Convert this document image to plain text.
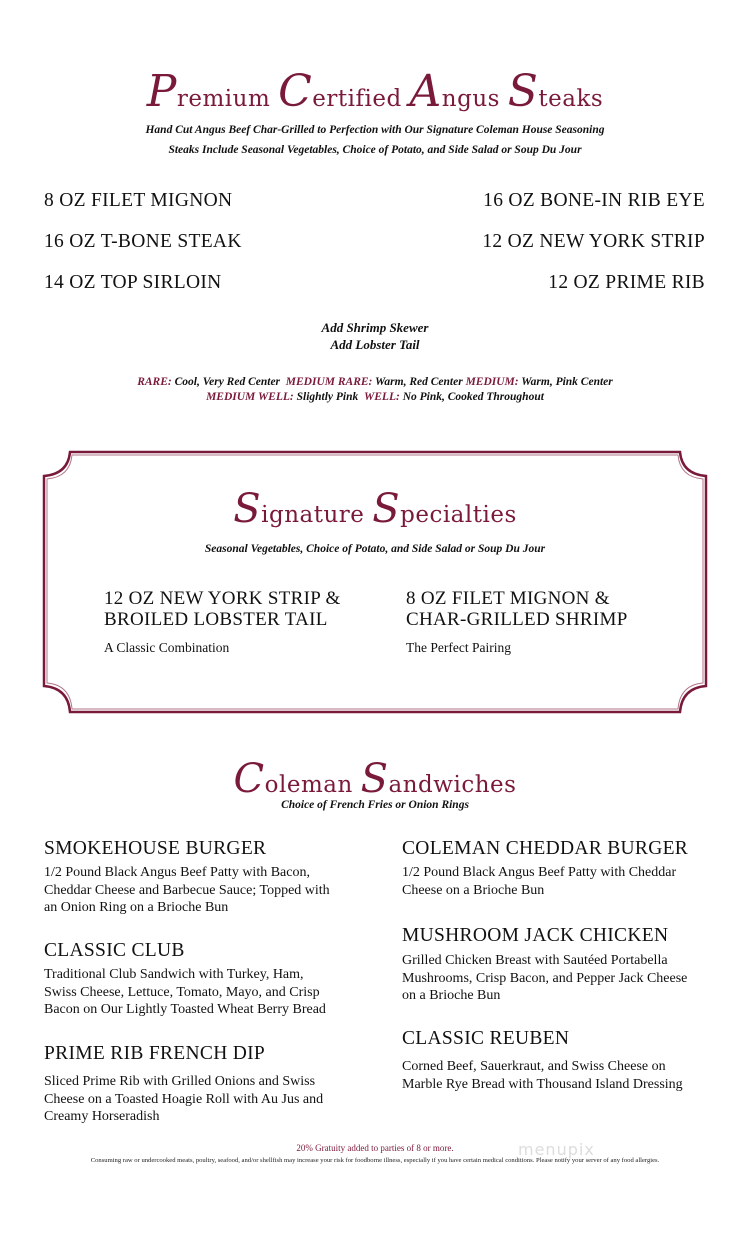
Premium Certified Angus Steaks
Hand Cut Angus Beef Char-Grilled to Perfection with Our Signature Coleman House Seasoning
Steaks Include Seasonal Vegetables, Choice of Potato, and Side Salad or Soup Du Jour
8 OZ FILET MIGNON
16 OZ T-BONE STEAK
14 OZ TOP SIRLOIN
16 OZ BONE-IN RIB EYE
12 OZ NEW YORK STRIP
12 OZ PRIME RIB
Add Shrimp Skewer
Add Lobster Tail
RARE: Cool, Very Red Center MEDIUM RARE: Warm, Red Center MEDIUM: Warm, Pink Center
MEDIUM WELL: Slightly Pink WELL: No Pink, Cooked Throughout
Signature Specialties
Seasonal Vegetables, Choice of Potato, and Side Salad or Soup Du Jour
12 OZ NEW YORK STRIP &
BROILED LOBSTER TAIL
A Classic Combination
8 OZ FILET MIGNON &
CHAR-GRILLED SHRIMP
The Perfect Pairing
Coleman Sandwiches
Choice of French Fries or Onion Rings
SMOKEHOUSE BURGER
1/2 Pound Black Angus Beef Patty with Bacon,
Cheddar Cheese and Barbecue Sauce; Topped with
an Onion Ring on a Brioche Bun
CLASSIC CLUB
Traditional Club Sandwich with Turkey, Ham,
Swiss Cheese, Lettuce, Tomato, Mayo, and Crisp
Bacon on Our Lightly Toasted Wheat Berry Bread
PRIME RIB FRENCH DIP
Sliced Prime Rib with Grilled Onions and Swiss
Cheese on a Toasted Hoagie Roll with Au Jus and
Creamy Horseradish
COLEMAN CHEDDAR BURGER
1/2 Pound Black Angus Beef Patty with Cheddar
Cheese on a Brioche Bun
MUSHROOM JACK CHICKEN
Grilled Chicken Breast with Sautéed Portabella
Mushrooms, Crisp Bacon, and Pepper Jack Cheese
on a Brioche Bun
CLASSIC REUBEN
Corned Beef, Sauerkraut, and Swiss Cheese on
Marble Rye Bread with Thousand Island Dressing
menupix
20% Gratuity added to parties of 8 or more.
Consuming raw or undercooked meats, poultry, seafood, and/or shellfish may increase your risk for foodborne illness, especially if you have certain medical conditions. Please notify your server of any food allergies.
